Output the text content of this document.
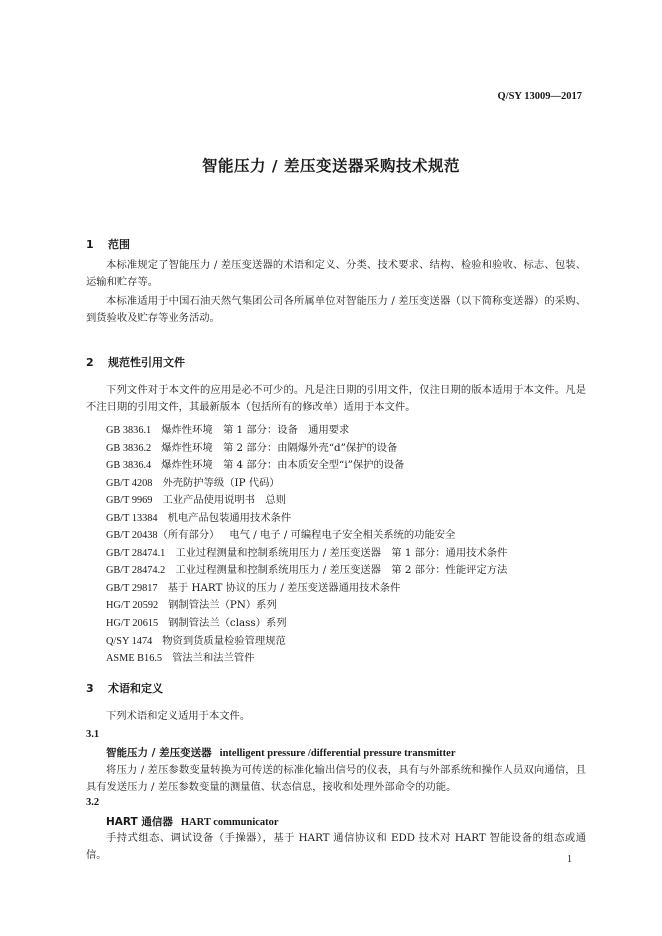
Q/SY 13009—2017
智能压力 / 差压变送器采购技术规范
1 范围

本标准规定了智能压力 / 差压变送器的术语和定义、分类、技术要求、结构、检验和验收、标志、包装、运输和贮存等。

本标准适用于中国石油天然气集团公司各所属单位对智能压力 / 差压变送器（以下简称变送器）的采购、到货验收及贮存等业务活动。

2 规范性引用文件

下列文件对于本文件的应用是必不可少的。凡是注日期的引用文件，仅注日期的版本适用于本文件。凡是不注日期的引用文件，其最新版本（包括所有的修改单）适用于本文件。

GB 3836.1 爆炸性环境　第 1 部分：设备　通用要求
GB 3836.2 爆炸性环境　第 2 部分：由隔爆外壳“d”保护的设备
GB 3836.4 爆炸性环境　第 4 部分：由本质安全型“i”保护的设备
GB/T 4208 外壳防护等级（IP 代码）
GB/T 9969 工业产品使用说明书　总则
GB/T 13384 机电产品包装通用技术条件
GB/T 20438（所有部分） 电气 / 电子 / 可编程电子安全相关系统的功能安全
GB/T 28474.1 工业过程测量和控制系统用压力 / 差压变送器　第 1 部分：通用技术条件
GB/T 28474.2 工业过程测量和控制系统用压力 / 差压变送器　第 2 部分：性能评定方法
GB/T 29817 基于 HART 协议的压力 / 差压变送器通用技术条件
HG/T 20592 钢制管法兰（PN）系列
HG/T 20615 钢制管法兰（class）系列
Q/SY 1474 物资到货质量检验管理规范
ASME B16.5 管法兰和法兰管件
3 术语和定义

下列术语和定义适用于本文件。

3.1
智能压力 / 差压变送器 intelligent pressure /differential pressure transmitter

将压力 / 差压参数变量转换为可传送的标准化输出信号的仪表，具有与外部系统和操作人员双向通信，且具有发送压力 / 差压参数变量的测量值、状态信息，接收和处理外部命令的功能。

3.2
HART 通信器 HART communicator

手持式组态、调试设备（手操器），基于 HART 通信协议和 EDD 技术对 HART 智能设备的组态或通信。	1
